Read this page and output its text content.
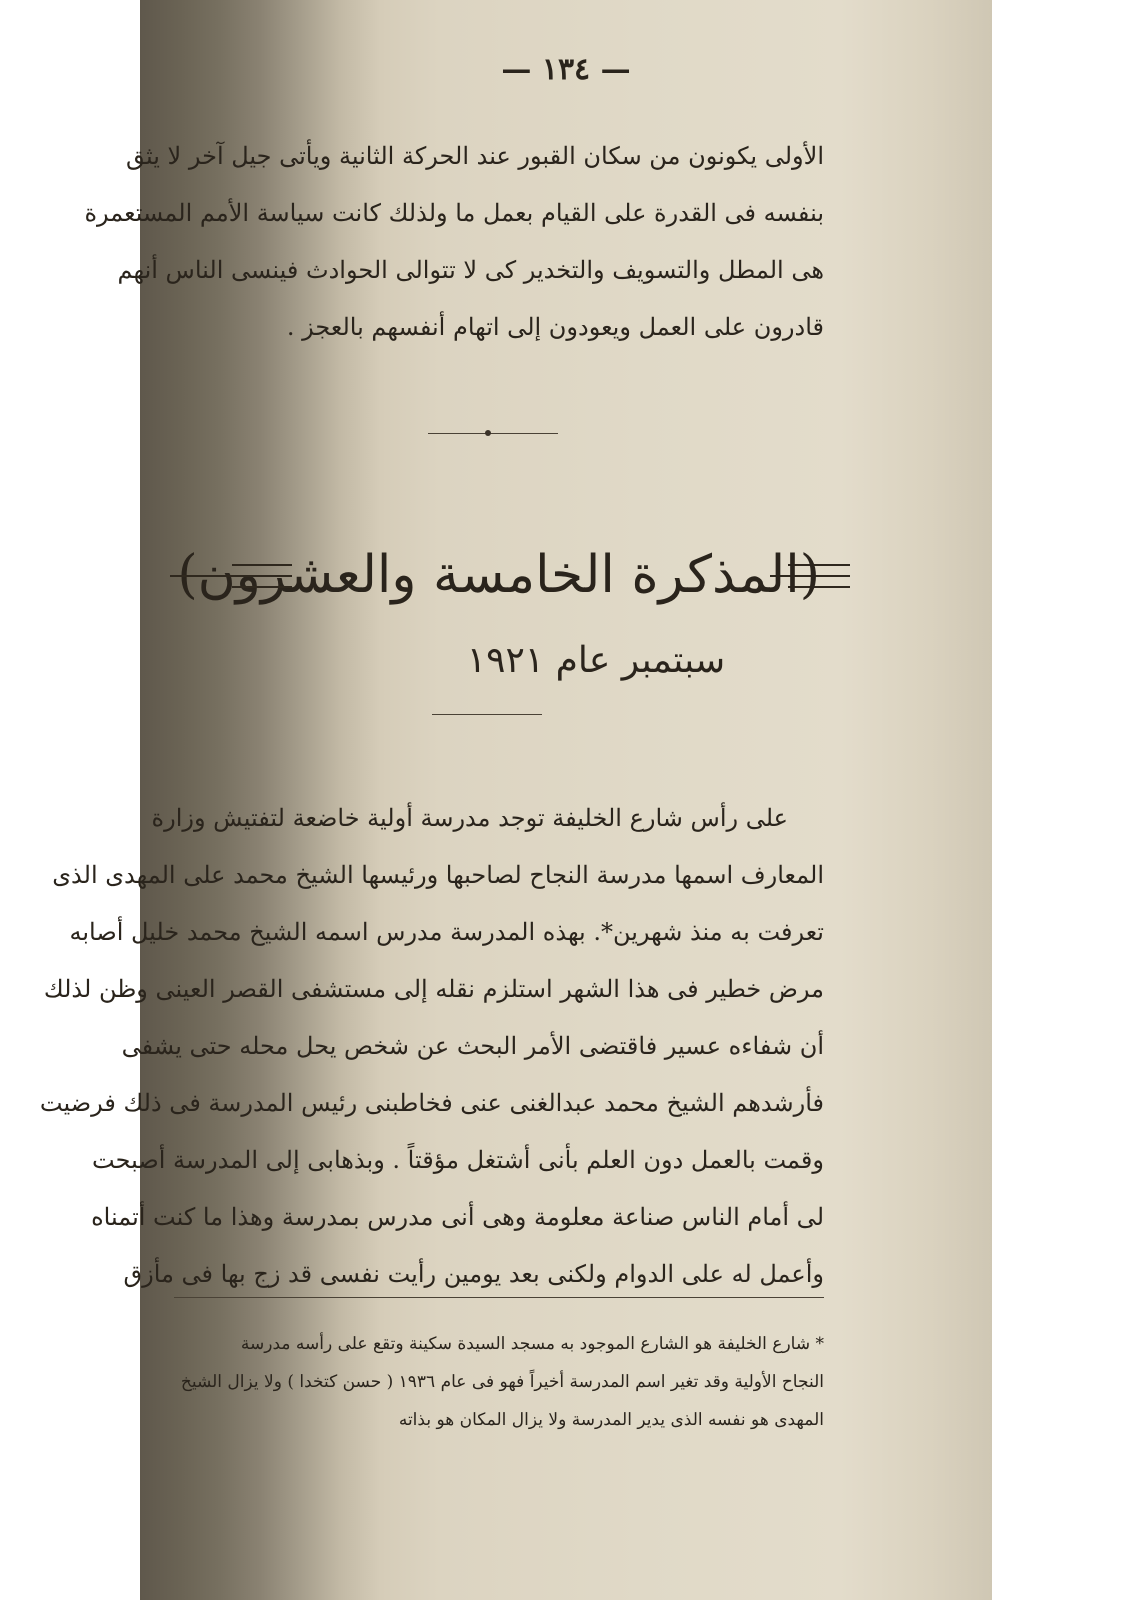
— ١٣٤ —
الأولى يكونون من سكان القبور عند الحركة الثانية ويأتى جيل آخر لا يثق
بنفسه فى القدرة على القيام بعمل ما ولذلك كانت سياسة الأمم المستعمرة
هى المطل والتسويف والتخدير كى لا تتوالى الحوادث فينسى الناس أنهم
قادرون على العمل ويعودون إلى اتهام أنفسهم بالعجز .
(المذكرة الخامسة والعشرون)
سبتمبر عام ١٩٢١
على رأس شارع الخليفة توجد مدرسة أولية خاضعة لتفتيش وزارة
المعارف اسمها مدرسة النجاح لصاحبها ورئيسها الشيخ محمد على المهدى الذى
تعرفت به منذ شهرين*. بهذه المدرسة مدرس اسمه الشيخ محمد خليل أصابه
مرض خطير فى هذا الشهر استلزم نقله إلى مستشفى القصر العينى وظن لذلك
أن شفاءه عسير فاقتضى الأمر البحث عن شخص يحل محله حتى يشفى
فأرشدهم الشيخ محمد عبدالغنى عنى فخاطبنى رئيس المدرسة فى ذلك فرضيت
وقمت بالعمل دون العلم بأنى أشتغل مؤقتاً . وبذهابى إلى المدرسة أصبحت
لى أمام الناس صناعة معلومة وهى أنى مدرس بمدرسة وهذا ما كنت أتمناه
وأعمل له على الدوام ولكنى بعد يومين رأيت نفسى قد زج بها فى مأزق
* شارع الخليفة هو الشارع الموجود به مسجد السيدة سكينة وتقع على رأسه مدرسة
النجاح الأولية وقد تغير اسم المدرسة أخيراً فهو فى عام ١٩٣٦ ( حسن كتخدا ) ولا يزال الشيخ
المهدى هو نفسه الذى يدير المدرسة ولا يزال المكان هو بذاته
